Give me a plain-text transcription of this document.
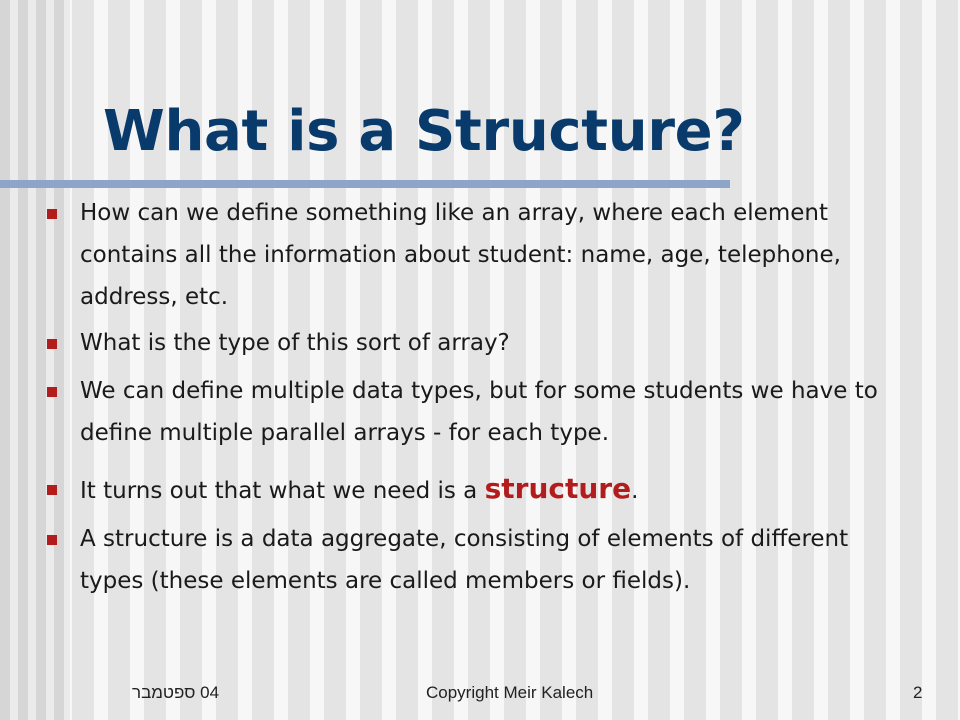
What is a Structure?

How can we define something like an array, where each element contains all the information about student: name, age, telephone, address, etc.

What is the type of this sort of array?

We can define multiple data types, but for some students we have to define multiple parallel arrays - for each type.

It turns out that what we need is a structure.

A structure is a data aggregate, consisting of elements of different types (these elements are called members or fields).

04 ספטמבר	Copyright Meir Kalech	2
